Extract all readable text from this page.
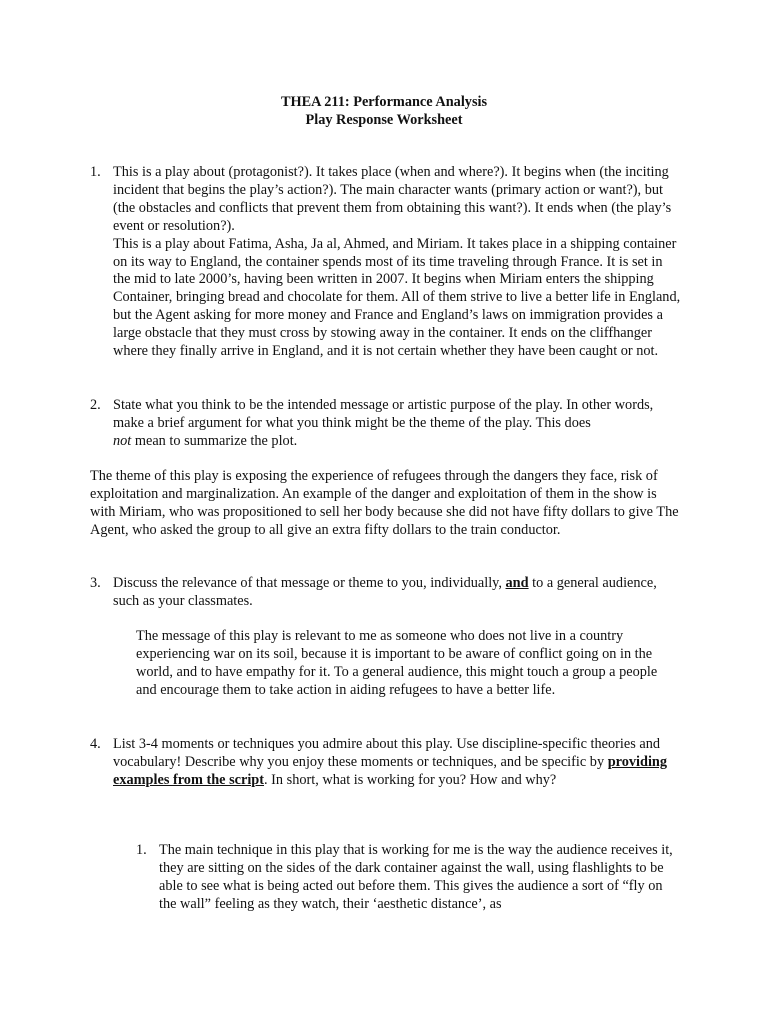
THEA 211: Performance Analysis
Play Response Worksheet
1. This is a play about (protagonist?). It takes place (when and where?). It begins when (the inciting incident that begins the play’s action?). The main character wants (primary action or want?), but (the obstacles and conflicts that prevent them from obtaining this want?). It ends when (the play’s event or resolution?).

This is a play about Fatima, Asha, Ja al, Ahmed, and Miriam. It takes place in a shipping container on its way to England, the container spends most of its time traveling through France. It is set in the mid to late 2000’s, having been written in 2007. It begins when Miriam enters the shipping Container, bringing bread and chocolate for them. All of them strive to live a better life in England, but the Agent asking for more money and France and England’s laws on immigration provides a large obstacle that they must cross by stowing away in the container. It ends on the cliffhanger where they finally arrive in England, and it is not certain whether they have been caught or not.

2. State what you think to be the intended message or artistic purpose of the play. In other words, make a brief argument for what you think might be the theme of the play. This does
not mean to summarize the plot.

The theme of this play is exposing the experience of refugees through the dangers they face, risk of exploitation and marginalization. An example of the danger and exploitation of them in the show is with Miriam, who was propositioned to sell her body because she did not have fifty dollars to give The Agent, who asked the group to all give an extra fifty dollars to the train conductor.

3. Discuss the relevance of that message or theme to you, individually, and to a general audience, such as your classmates.

The message of this play is relevant to me as someone who does not live in a country experiencing war on its soil, because it is important to be aware of conflict going on in the world, and to have empathy for it. To a general audience, this might touch a group a people and encourage them to take action in aiding refugees to have a better life.

4. List 3-4 moments or techniques you admire about this play. Use discipline-specific theories and vocabulary! Describe why you enjoy these moments or techniques, and be specific by providing examples from the script. In short, what is working for you? How and why?

1. The main technique in this play that is working for me is the way the audience receives it, they are sitting on the sides of the dark container against the wall, using flashlights to be able to see what is being acted out before them. This gives the audience a sort of “fly on the wall” feeling as they watch, their ‘aesthetic distance’, as
